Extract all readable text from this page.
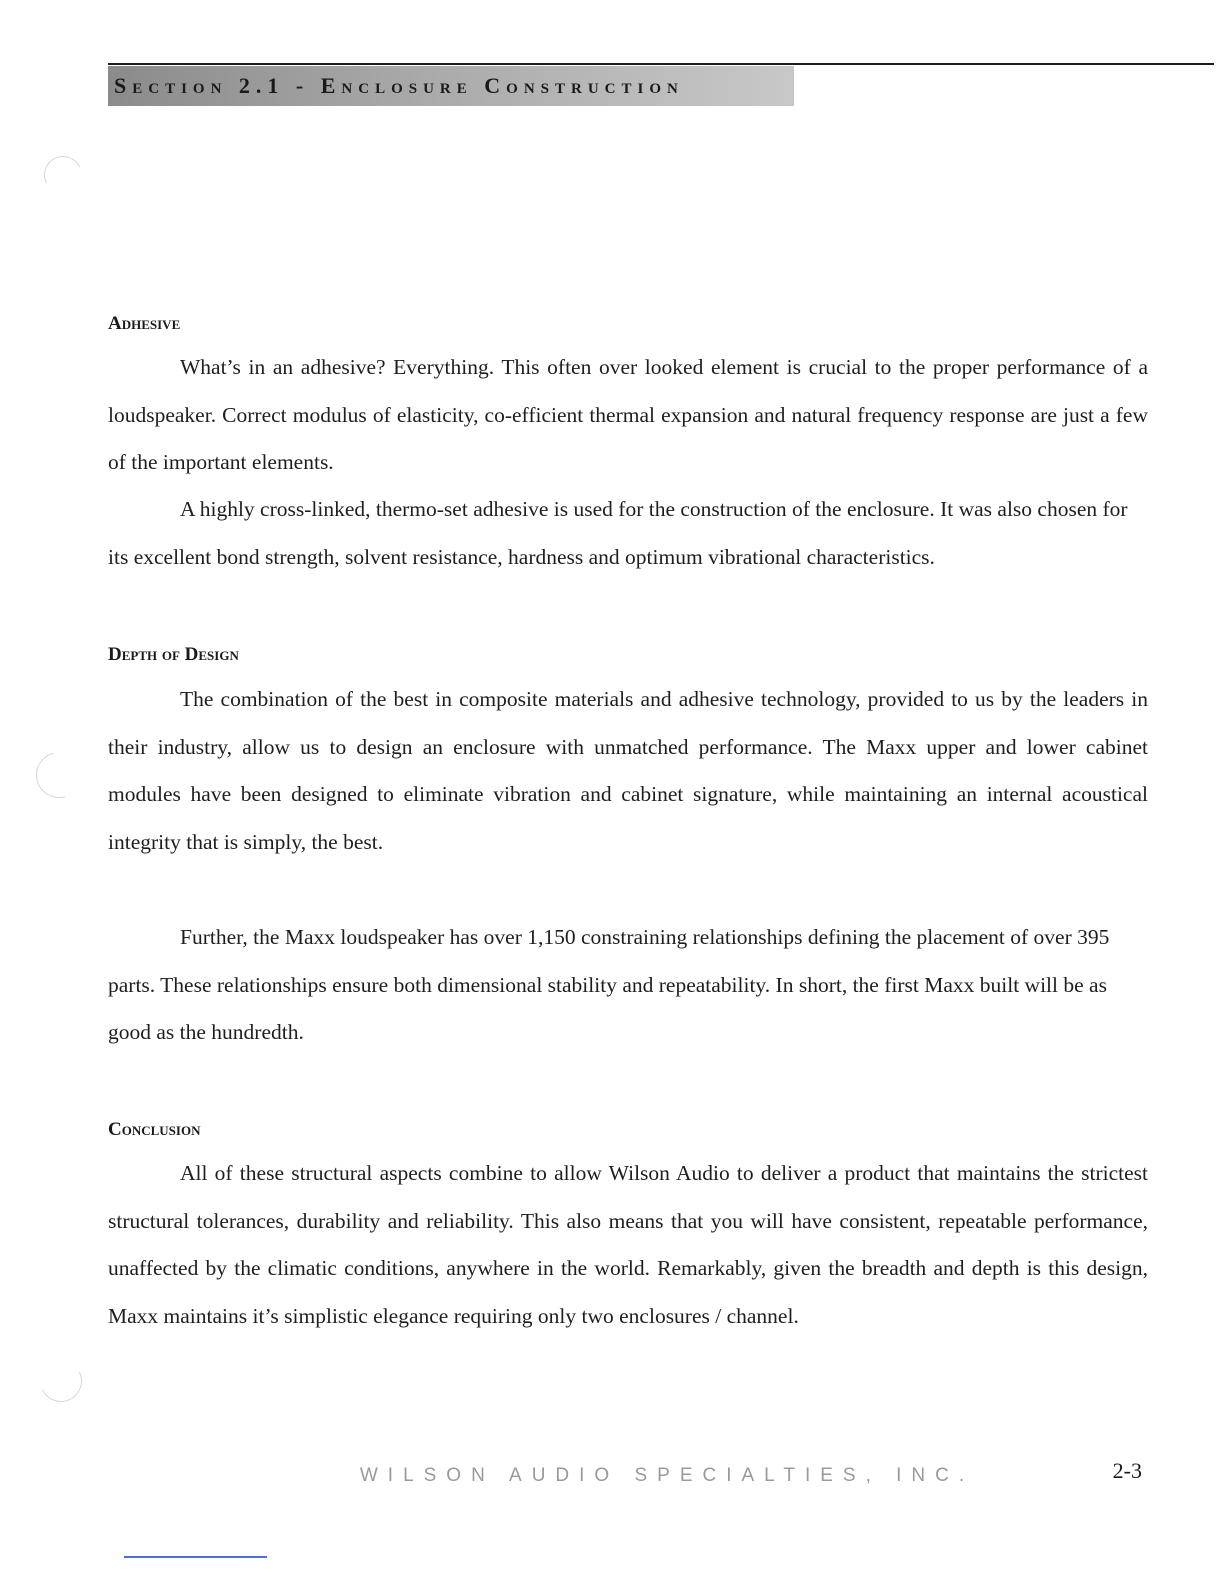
Section 2.1 - Enclosure Construction
Adhesive

What’s in an adhesive? Everything. This often over looked element is crucial to the proper performance of a loudspeaker. Correct modulus of elasticity, co-efficient thermal expansion and natural frequency response are just a few of the important elements.

A highly cross-linked, thermo-set adhesive is used for the construction of the enclosure. It was also chosen for its excellent bond strength, solvent resistance, hardness and optimum vibrational characteristics.

Depth of Design

The combination of the best in composite materials and adhesive technology, provided to us by the leaders in their industry, allow us to design an enclosure with unmatched performance. The Maxx upper and lower cabinet modules have been designed to eliminate vibration and cabinet signature, while maintaining an internal acoustical integrity that is simply, the best.

Further, the Maxx loudspeaker has over 1,150 constraining relationships defining the placement of over 395 parts. These relationships ensure both dimensional stability and repeatability. In short, the first Maxx built will be as good as the hundredth.

Conclusion

All of these structural aspects combine to allow Wilson Audio to deliver a product that maintains the strictest structural tolerances, durability and reliability. This also means that you will have consistent, repeatable performance, unaffected by the climatic conditions, anywhere in the world. Remarkably, given the breadth and depth is this design, Maxx maintains it’s simplistic elegance requiring only two enclosures / channel.

WILSON AUDIO SPECIALTIES, INC.	2-3
